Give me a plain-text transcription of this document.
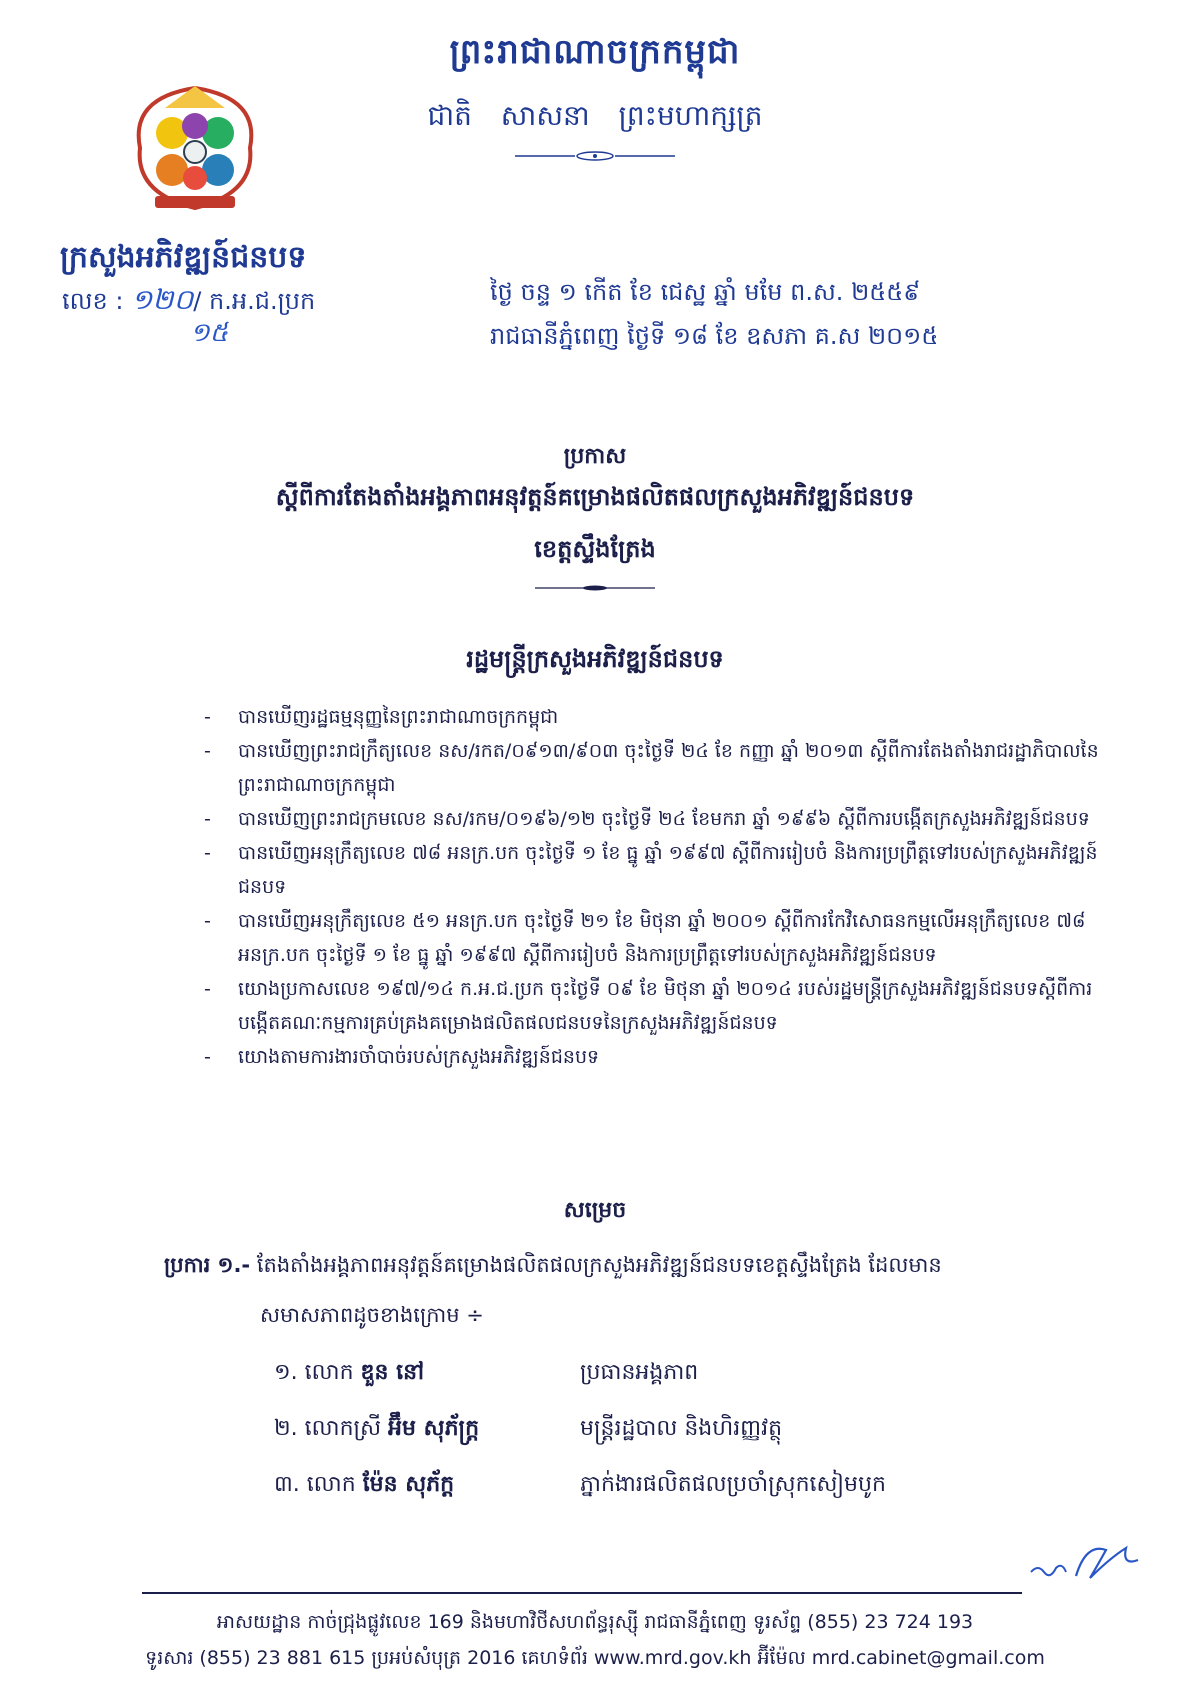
ព្រះរាជាណាចក្រកម្ពុជា
ជាតិ សាសនា ព្រះមហាក្សត្រ
ក្រសួងអភិវឌ្ឍន៍ជនបទ
លេខ : ១២០/ ក.អ.ជ.ប្រក
១៥
ថ្ងៃ ចន្ទ ១ កើត ខែ ជេស្ឋ ឆ្នាំ មមែ ព.ស. ២៥៥៩
រាជធានីភ្នំពេញ ថ្ងៃទី ១៨ ខែ ឧសភា គ.ស ២០១៥
ប្រកាស
ស្តីពីការតែងតាំងអង្គភាពអនុវត្តន៍គម្រោងផលិតផលក្រសួងអភិវឌ្ឍន៍ជនបទ
ខេត្តស្ទឹងត្រែង
រដ្ឋមន្ត្រីក្រសួងអភិវឌ្ឍន៍ជនបទ
- បានឃើញរដ្ឋធម្មនុញ្ញនៃព្រះរាជាណាចក្រកម្ពុជា
- បានឃើញព្រះរាជក្រឹត្យលេខ នស/រកត/០៩១៣/៩០៣ ចុះថ្ងៃទី ២៤ ខែ កញ្ញា ឆ្នាំ ២០១៣ ស្តីពីការតែងតាំងរាជរដ្ឋាភិបាលនៃព្រះរាជាណាចក្រកម្ពុជា
- បានឃើញព្រះរាជក្រមលេខ នស/រកម/០១៩៦/១២ ចុះថ្ងៃទី ២៤ ខែមករា ឆ្នាំ ១៩៩៦ ស្តីពីការបង្កើតក្រសួងអភិវឌ្ឍន៍ជនបទ
- បានឃើញអនុក្រឹត្យលេខ ៧៨ អនក្រ.បក ចុះថ្ងៃទី ១ ខែ ធ្នូ ឆ្នាំ ១៩៩៧ ស្តីពីការរៀបចំ និងការប្រព្រឹត្តទៅរបស់ក្រសួងអភិវឌ្ឍន៍ជនបទ
- បានឃើញអនុក្រឹត្យលេខ ៥១ អនក្រ.បក ចុះថ្ងៃទី ២១ ខែ មិថុនា ឆ្នាំ ២០០១ ស្តីពីការកែវិសោធនកម្មលើអនុក្រឹត្យលេខ ៧៨ អនក្រ.បក ចុះថ្ងៃទី ១ ខែ ធ្នូ ឆ្នាំ ១៩៩៧ ស្តីពីការរៀបចំ និងការប្រព្រឹត្តទៅរបស់ក្រសួងអភិវឌ្ឍន៍ជនបទ
- យោងប្រកាសលេខ ១៩៧/១៤ ក.អ.ជ.ប្រក ចុះថ្ងៃទី ០៩ ខែ មិថុនា ឆ្នាំ ២០១៤ របស់រដ្ឋមន្ត្រីក្រសួងអភិវឌ្ឍន៍ជនបទស្តីពីការបង្កើតគណៈកម្មការគ្រប់គ្រងគម្រោងផលិតផលជនបទនៃក្រសួងអភិវឌ្ឍន៍ជនបទ
- យោងតាមការងារចាំបាច់របស់ក្រសួងអភិវឌ្ឍន៍ជនបទ
សម្រេច
ប្រការ ១.- តែងតាំងអង្គភាពអនុវត្តន៍គម្រោងផលិតផលក្រសួងអភិវឌ្ឍន៍ជនបទខេត្តស្ទឹងត្រែង ដែលមាន
សមាសភាពដូចខាងក្រោម ÷
១. លោក ឌួន នៅ	ប្រធានអង្គភាព
២. លោកស្រី អ៊ឹម សុភ័ក្ត្រ	មន្ត្រីរដ្ឋបាល និងហិរញ្ញវត្ថុ
៣. លោក ម៉ែន សុភ័ក្ត	ភ្នាក់ងារផលិតផលប្រចាំស្រុកសៀមបូក
អាសយដ្ឋាន កាច់ជ្រុងផ្លូវលេខ 169 និងមហាវិថីសហព័ន្ធរុស្ស៊ី រាជធានីភ្នំពេញ ទូរស័ព្ទ (855) 23 724 193
ទូរសារ (855) 23 881 615 ប្រអប់សំបុត្រ 2016 គេហទំព័រ www.mrd.gov.kh អ៊ីម៉ែល mrd.cabinet@gmail.com
